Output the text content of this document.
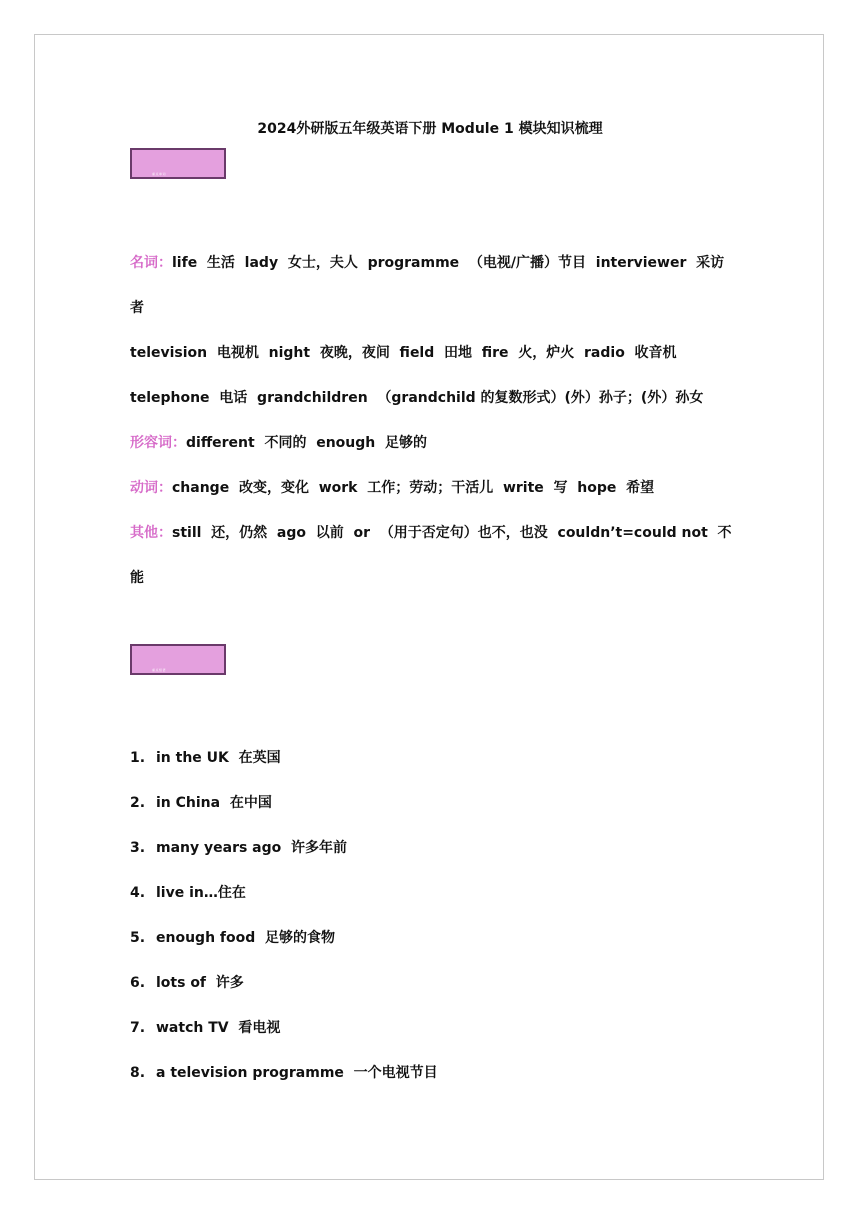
2024外研版五年级英语下册 Module 1 模块知识梳理
重点单词
名词：life  生活  lady  女士，夫人  programme  （电视/广播）节目  interviewer  采访
者
television  电视机  night  夜晚，夜间  field  田地  fire  火，炉火  radio  收音机
telephone  电话  grandchildren  （grandchild 的复数形式）(外）孙子；(外）孙女
形容词：different  不同的  enough  足够的
动词：change  改变，变化  work  工作；劳动；干活儿  write  写  hope  希望
其他：still  还，仍然  ago  以前  or  （用于否定句）也不，也没  couldn’t=could not  不
能
重点短语
1. in the UK  在英国
2. in China  在中国
3. many years ago  许多年前
4. live in…住在
5. enough food  足够的食物
6. lots of  许多
7. watch TV  看电视
8. a television programme  一个电视节目
